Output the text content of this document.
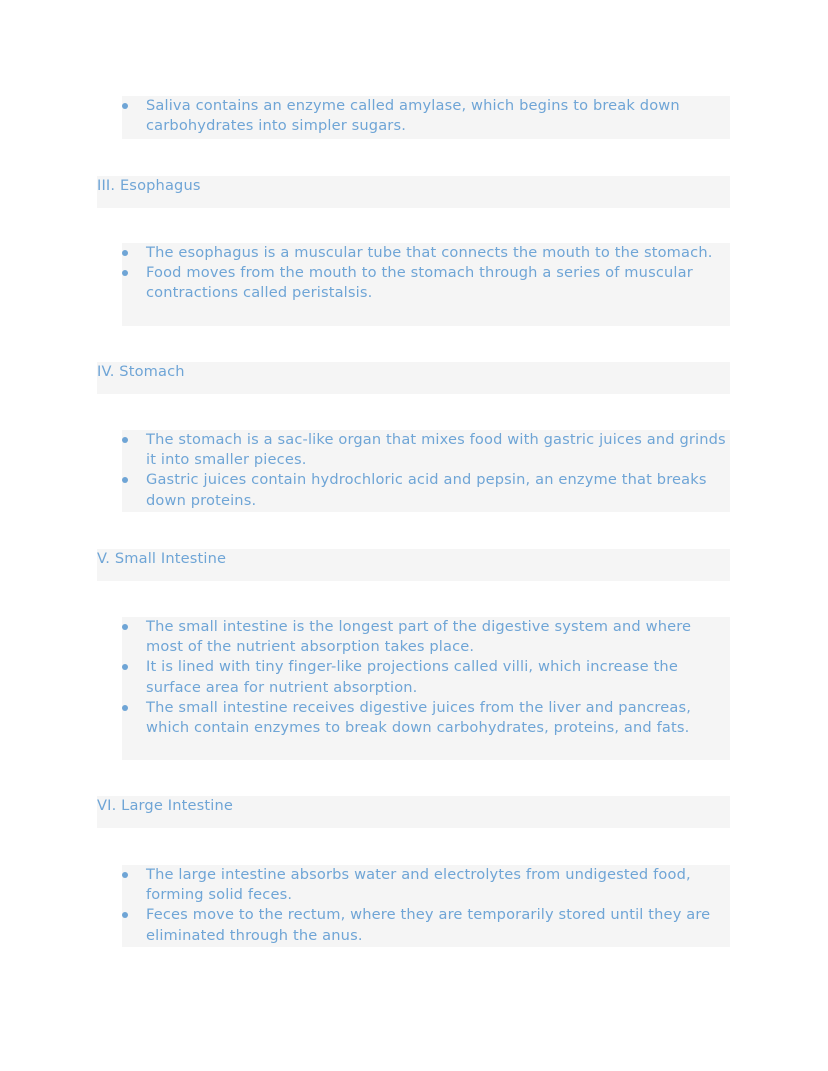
Saliva contains an enzyme called amylase, which begins to break down carbohydrates into simpler sugars.
III. Esophagus
The esophagus is a muscular tube that connects the mouth to the stomach.
Food moves from the mouth to the stomach through a series of muscular contractions called peristalsis.
IV. Stomach
The stomach is a sac-like organ that mixes food with gastric juices and grinds it into smaller pieces.
Gastric juices contain hydrochloric acid and pepsin, an enzyme that breaks down proteins.
V. Small Intestine
The small intestine is the longest part of the digestive system and where most of the nutrient absorption takes place.
It is lined with tiny finger-like projections called villi, which increase the surface area for nutrient absorption.
The small intestine receives digestive juices from the liver and pancreas, which contain enzymes to break down carbohydrates, proteins, and fats.
VI. Large Intestine
The large intestine absorbs water and electrolytes from undigested food, forming solid feces.
Feces move to the rectum, where they are temporarily stored until they are eliminated through the anus.
